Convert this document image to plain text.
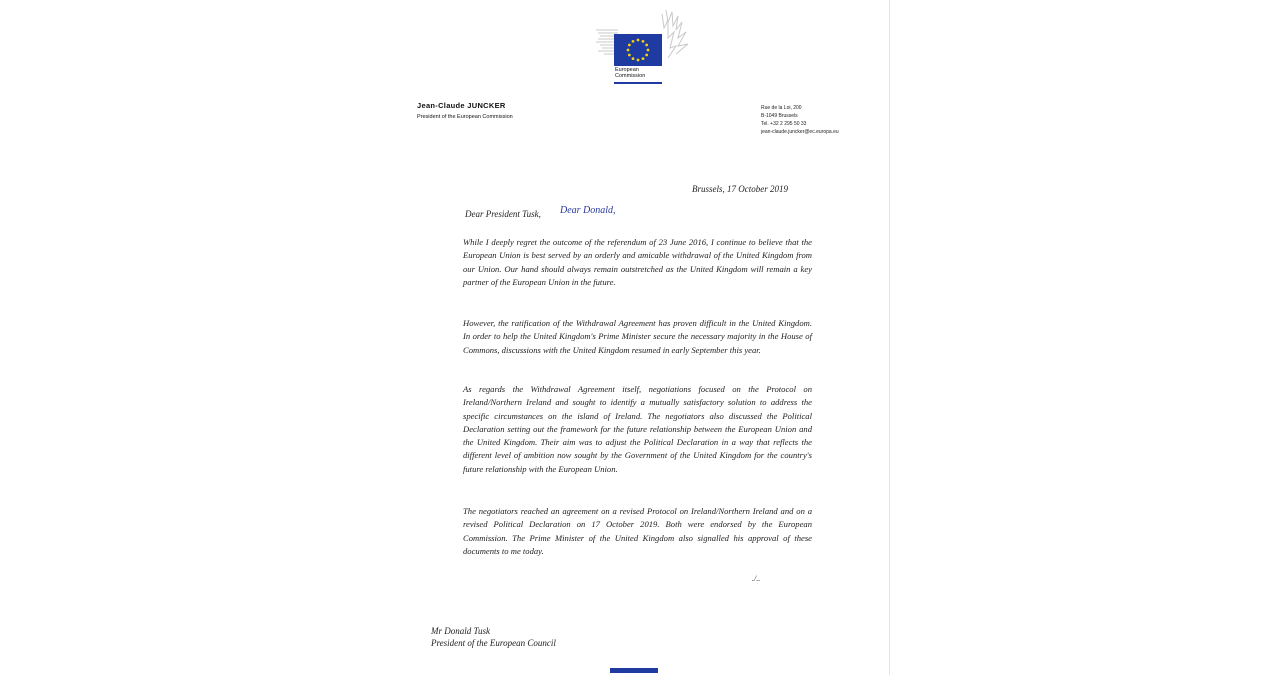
European
Commission
Jean-Claude JUNCKER
President of the European Commission
Rue de la Loi, 200
B-1049 Brussels
Tel. +32 2 295 50 33
jean-claude.juncker@ec.europa.eu
Brussels, 17 October 2019
Dear President Tusk, Dear Donald,
While I deeply regret the outcome of the referendum of 23 June 2016, I continue to believe that the European Union is best served by an orderly and amicable withdrawal of the United Kingdom from our Union. Our hand should always remain outstretched as the United Kingdom will remain a key partner of the European Union in the future.
However, the ratification of the Withdrawal Agreement has proven difficult in the United Kingdom. In order to help the United Kingdom's Prime Minister secure the necessary majority in the House of Commons, discussions with the United Kingdom resumed in early September this year.
As regards the Withdrawal Agreement itself, negotiations focused on the Protocol on Ireland/Northern Ireland and sought to identify a mutually satisfactory solution to address the specific circumstances on the island of Ireland. The negotiators also discussed the Political Declaration setting out the framework for the future relationship between the European Union and the United Kingdom. Their aim was to adjust the Political Declaration in a way that reflects the different level of ambition now sought by the Government of the United Kingdom for the country's future relationship with the European Union.
The negotiators reached an agreement on a revised Protocol on Ireland/Northern Ireland and on a revised Political Declaration on 17 October 2019. Both were endorsed by the European Commission. The Prime Minister of the United Kingdom also signalled his approval of these documents to me today.
./..
Mr Donald Tusk
President of the European Council
